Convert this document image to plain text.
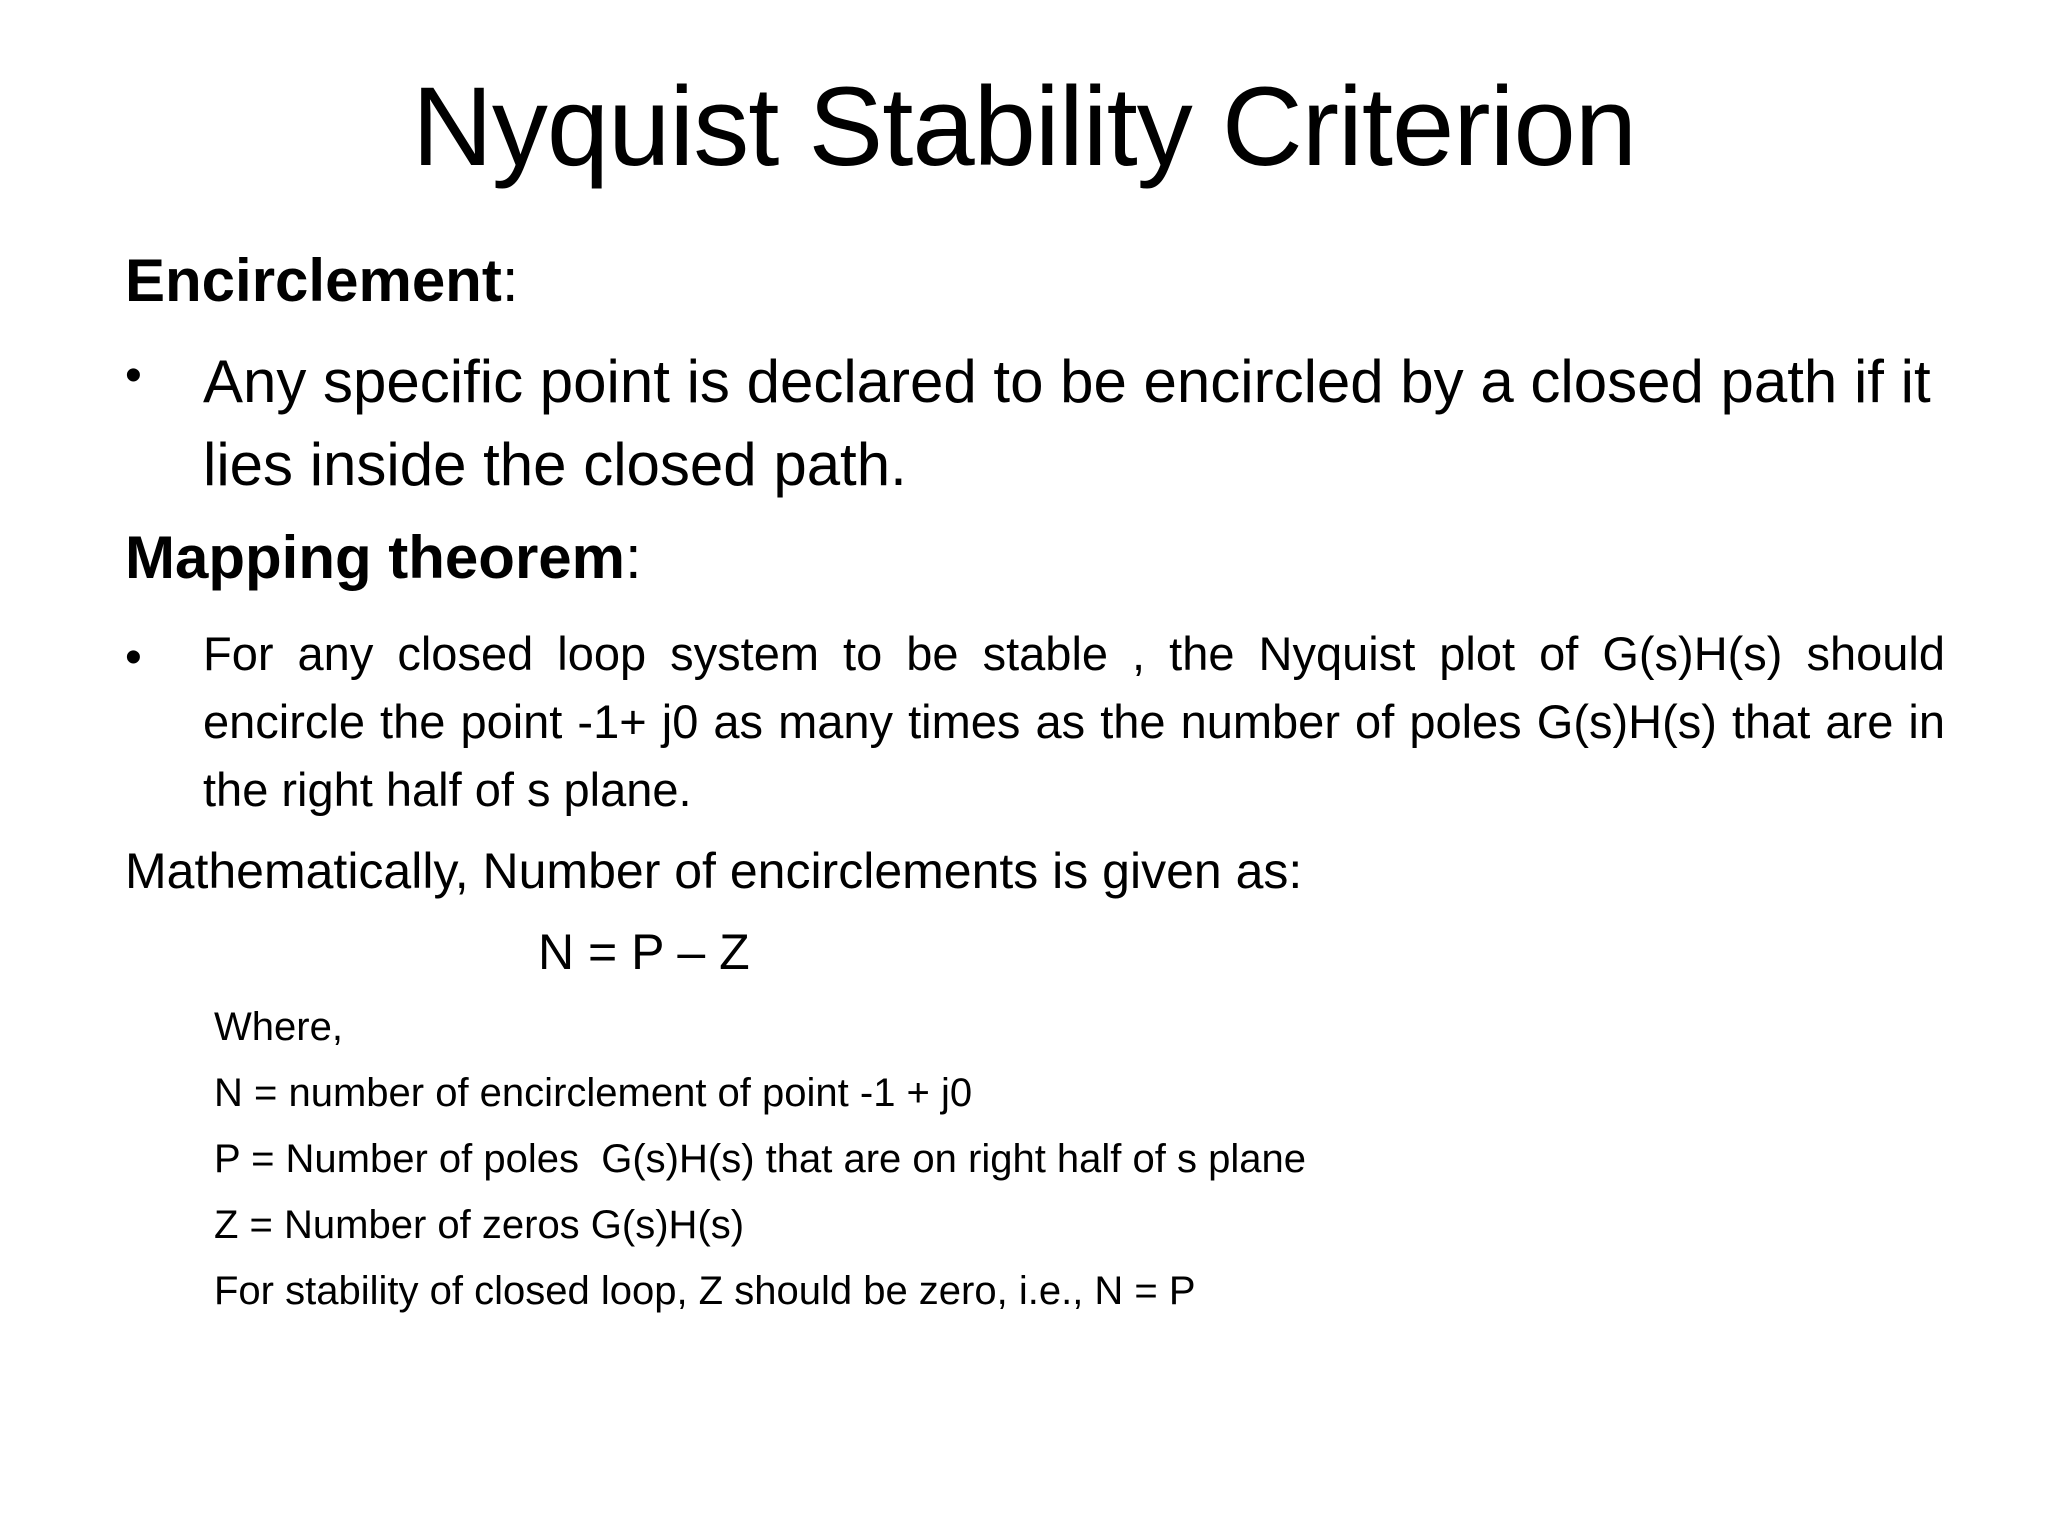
Nyquist Stability Criterion

Encirclement:

• Any specific point is declared to be encircled by a closed path if it lies inside the closed path.

Mapping theorem:

• For any closed loop system to be stable , the Nyquist plot of G(s)H(s) should encircle the point -1+ j0 as many times as the number of poles G(s)H(s) that are in the right half of s plane.
Mathematically, Number of encirclements is given as:
N = P – Z
Where,
N = number of encirclement of point -1 + j0
P = Number of poles  G(s)H(s) that are on right half of s plane
Z = Number of zeros G(s)H(s)
For stability of closed loop, Z should be zero, i.e., N = P
